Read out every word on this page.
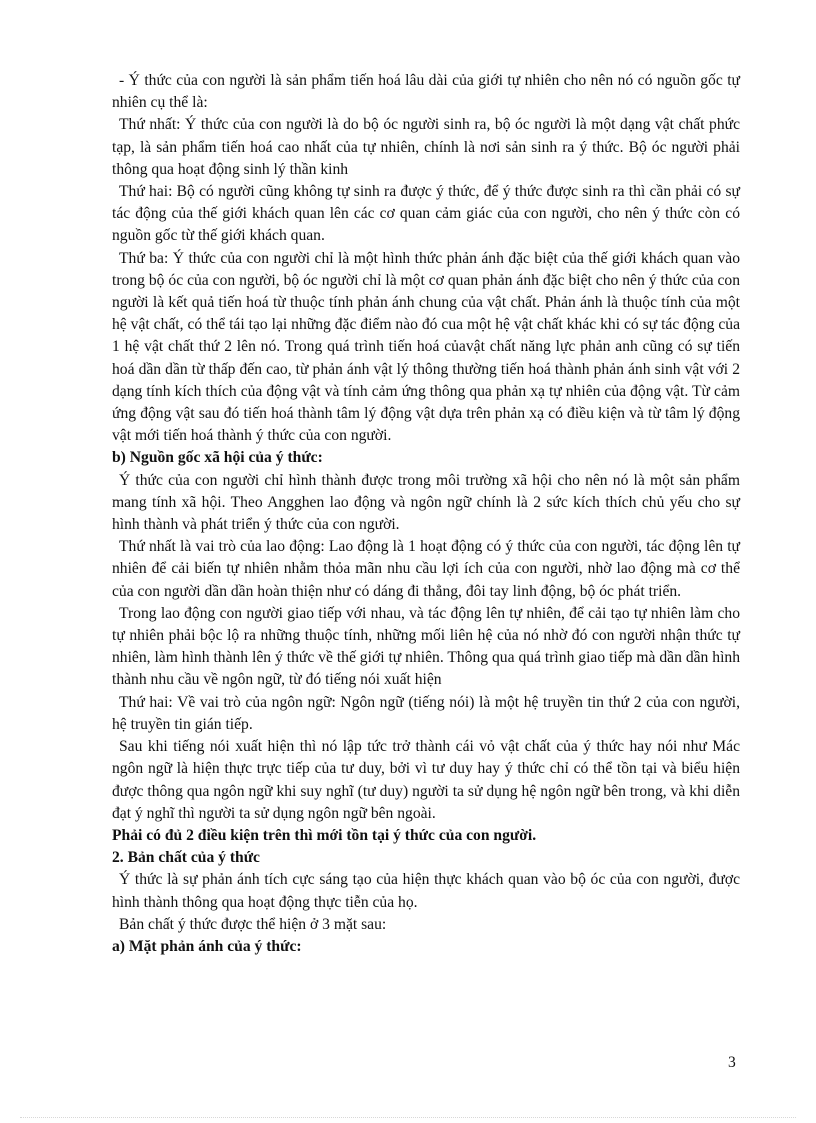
- Ý thức của con người là sản phẩm tiến hoá lâu dài của giới tự nhiên cho nên nó có nguồn gốc tự nhiên cụ thể là:

Thứ nhất: Ý thức của con người là do bộ óc người sinh ra, bộ óc người là một dạng vật chất phức tạp, là sản phẩm tiến hoá cao nhất của tự nhiên, chính là nơi sản sinh ra ý thức. Bộ óc người phải thông qua hoạt động sinh lý thần kinh

Thứ hai: Bộ có người cũng không tự sinh ra được ý thức, để ý thức được sinh ra thì cần phải có sự tác động của thế giới khách quan lên các cơ quan cảm giác của con người, cho nên ý thức còn có nguồn gốc từ thế giới khách quan.

Thứ ba: Ý thức của con người chỉ là một hình thức phản ánh đặc biệt của thế giới khách quan vào trong bộ óc của con người, bộ óc người chỉ là một cơ quan phản ánh đặc biệt cho nên ý thức của con người là kết quả tiến hoá từ thuộc tính phản ánh chung của vật chất. Phản ánh là thuộc tính của một hệ vật chất, có thể tái tạo lại những đặc điểm nào đó cua một hệ vật chất khác khi có sự tác động của 1 hệ vật chất thứ 2 lên nó. Trong quá trình tiến hoá củavật chất năng lực phản anh cũng có sự tiến hoá dần dần từ thấp đến cao, từ phản ánh vật lý thông thường tiến hoá thành phản ánh sinh vật với 2 dạng tính kích thích của động vật và tính cảm ứng thông qua phản xạ tự nhiên của động vật. Từ cảm ứng động vật sau đó tiến hoá thành tâm lý động vật dựa trên phản xạ có điều kiện và từ tâm lý động vật mới tiến hoá thành ý thức của con người.

b) Nguồn gốc xã hội của ý thức:

Ý thức của con người chỉ hình thành được trong môi trường xã hội cho nên nó là một sản phẩm mang tính xã hội. Theo Angghen lao động và ngôn ngữ chính là 2 sức kích thích chủ yếu cho sự hình thành và phát triển ý thức của con người.

Thứ nhất là vai trò của lao động: Lao động là 1 hoạt động có ý thức của con người, tác động lên tự nhiên để cải biến tự nhiên nhằm thỏa mãn nhu cầu lợi ích của con người, nhờ lao động mà cơ thể của con người dần dần hoàn thiện như có dáng đi thẳng, đôi tay linh động, bộ óc phát triển.

Trong lao động con người giao tiếp với nhau, và tác động lên tự nhiên, để cải tạo tự nhiên làm cho tự nhiên phải bộc lộ ra những thuộc tính, những mối liên hệ của nó nhờ đó con người nhận thức tự nhiên, làm hình thành lên ý thức về thế giới tự nhiên. Thông qua quá trình giao tiếp mà dần dần hình thành nhu cầu về ngôn ngữ, từ đó tiếng nói xuất hiện

Thứ hai: Về vai trò của ngôn ngữ: Ngôn ngữ (tiếng nói) là một hệ truyền tin thứ 2 của con người, hệ truyền tin gián tiếp.

Sau khi tiếng nói xuất hiện thì nó lập tức trở thành cái vỏ vật chất của ý thức hay nói như Mác ngôn ngữ là hiện thực trực tiếp của tư duy, bởi vì tư duy hay ý thức chỉ có thể tồn tại và biểu hiện được thông qua ngôn ngữ khi suy nghĩ (tư duy) người ta sử dụng hệ ngôn ngữ bên trong, và khi diễn đạt ý nghĩ thì người ta sử dụng ngôn ngữ bên ngoài.

Phải có đủ 2 điều kiện trên thì mới tồn tại ý thức của con người.

2. Bản chất của ý thức

Ý thức là sự phản ánh tích cực sáng tạo của hiện thực khách quan vào bộ óc của con người, được hình thành thông qua hoạt động thực tiễn của họ.

Bản chất ý thức được thể hiện ở 3 mặt sau:

a) Mặt phản ánh của ý thức:

3
